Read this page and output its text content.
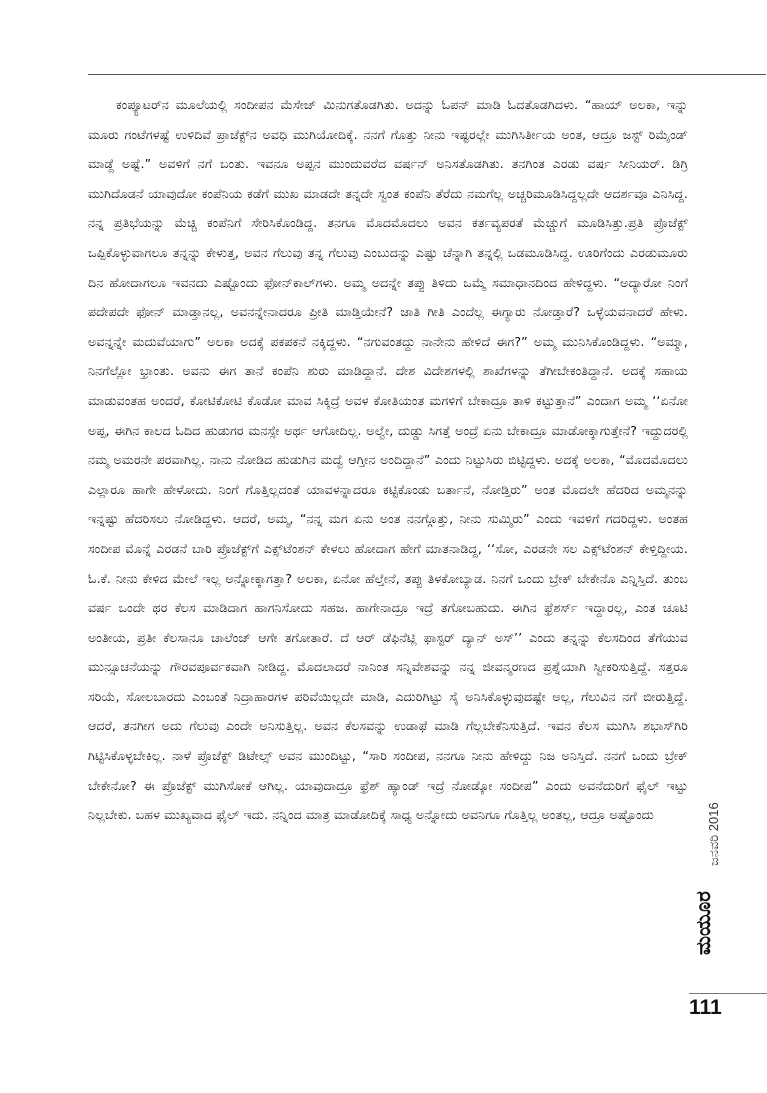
ಕಂಪ್ಯೂಟರ್‌ನ ಮೂಲೆಯಲ್ಲಿ ಸಂದೀಪನ ಮೆಸೇಜ್ ಮಿನುಗತೊಡಗಿತು. ಅದನ್ನು ಓಪನ್ ಮಾಡಿ ಓದತೊಡಗಿದಳು. “ಹಾಯ್ ಅಲಕಾ, ಇನ್ನು ಮೂರು ಗಂಟೆಗಳಷ್ಟೆ ಉಳಿದಿವೆ ಪ್ರಾಜೆಕ್ಟ್‌ನ ಅವಧಿ ಮುಗಿಯೋದಿಕ್ಕೆ. ನನಗೆ ಗೊತ್ತು ನೀನು ಇಷ್ಟರಲ್ಲೇ ಮುಗಿಸಿರ್ತೀಯ ಅಂತ, ಆದ್ರೂ ಜಸ್ಟ್ ರಿಮೈಂಡ್ ಮಾಡ್ದೆ ಅಷ್ಟೆ.” ಅವಳಿಗೆ ನಗೆ ಬಂತು. ಇವನೂ ಅಪ್ಪನ ಮುಂದುವರೆದ ವರ್ಷನ್ ಅನಿಸತೊಡಗಿತು. ತನಗಿಂತ ಎರಡು ವರ್ಷ ಸೀನಿಯರ್. ಡಿಗ್ರಿ ಮುಗಿದೊಡನೆ ಯಾವುದೋ ಕಂಪೆನಿಯ ಕಡೆಗೆ ಮುಖ ಮಾಡದೇ ತನ್ನದೇ ಸ್ವಂತ ಕಂಪೆನಿ ತೆರೆದು ನಮಗೆಲ್ಲ ಅಚ್ಚರಿಮೂಡಿಸಿದ್ದಲ್ಲದೇ ಆದರ್ಶವೂ ಎನಿಸಿದ್ದ. ನನ್ನ ಪ್ರತಿಭೆಯನ್ನು ಮೆಚ್ಚಿ ಕಂಪೆನಿಗೆ ಸೇರಿಸಿಕೊಂಡಿದ್ದ. ತನಗೂ ಮೊದಮೊದಲು ಅವನ ಕರ್ತವ್ಯಪರತೆ ಮೆಚ್ಚುಗೆ ಮೂಡಿಸಿತ್ತು.ಪ್ರತಿ ಪ್ರೊಜೆಕ್ಟ್ ಒಪ್ಪಿಕೊಳ್ಳುವಾಗಲೂ ತನ್ನನ್ನು ಕೇಳುತ್ತ, ಅವನ ಗೆಲುವು ತನ್ನ ಗೆಲುವು ಎಂಬುದನ್ನು ಎಷ್ಟು ಚೆನ್ನಾಗಿ ತನ್ನಲ್ಲಿ ಒಡಮೂಡಿಸಿದ್ದ. ಊರಿಗೆಂದು ಎರಡುಮೂರು ದಿನ ಹೋದಾಗಲೂ ಇವನದು ಎಷ್ಟೊಂದು ಫೋನ್‌ಕಾಲ್‌ಗಳು. ಅಮ್ಮ ಅದನ್ನೇ ತಪ್ಪು ತಿಳಿದು ಒಮ್ಮೆ ಸಮಾಧಾನದಿಂದ ಹೇಳಿದ್ದಳು. “ಅದ್ಯಾರೋ ನಿಂಗೆ ಪದೇಪದೇ ಫೋನ್ ಮಾಡ್ತಾನಲ್ಲ, ಅವನನ್ನೇನಾದರೂ ಪ್ರೀತಿ ಮಾಡ್ತಿಯೇನೆ? ಜಾತಿ ಗೀತಿ ಎಂದೆಲ್ಲ ಈಗ್ಯಾರು ನೋಡ್ತಾರೆ? ಒಳ್ಳೆಯವನಾದರೆ ಹೇಳು. ಅವನ್ನನ್ನೇ ಮದುವೆಯಾಗು” ಅಲಕಾ ಅದಕ್ಕೆ ಪಕಪಕನೆ ನಕ್ಕಿದ್ದಳು. “ನಗುವಂತದ್ದು ನಾನೇನು ಹೇಳಿದೆ ಈಗ?” ಅಮ್ಮ ಮುನಿಸಿಕೊಂಡಿದ್ದಳು. “ಅಮ್ಮಾ, ನಿನಗೆಲ್ಲೋ ಭ್ರಾಂತು. ಅವನು ಈಗ ತಾನೆ ಕಂಪೆನಿ ಶುರು ಮಾಡಿದ್ದಾನೆ. ದೇಶ ವಿದೇಶಗಳಲ್ಲಿ ಶಾಖೆಗಳನ್ನು ತೆಗೀಬೇಕಂತಿದ್ದಾನೆ. ಅದಕ್ಕೆ ಸಹಾಯ ಮಾಡುವಂತಹ ಅಂದರೆ, ಕೋಟಿಕೋಟಿ ಕೊಡೋ ಮಾವ ಸಿಕ್ಕಿದ್ರೆ ಅವಳ ಕೋತಿಯಂತ ಮಗಳಿಗೆ ಬೇಕಾದ್ರೂ ತಾಳಿ ಕಟ್ಟುತ್ತಾನೆ” ಎಂದಾಗ ಅಮ್ಮ ‘‘ಏನೋ ಅಪ್ಪ, ಈಗಿನ ಕಾಲದ ಓದಿದ ಹುಡುಗರ ಮನಸ್ಸೇ ಅರ್ಥ ಆಗೋದಿಲ್ಲ. ಅಲ್ವೇ, ದುಡ್ಡು ಸಿಗತ್ತೆ ಅಂದ್ರೆ ಏನು ಬೇಕಾದ್ರೂ ಮಾಡೋಕ್ಕಾಗುತ್ತೇನೆ? ಇದ್ದುದರಲ್ಲಿ ನಮ್ಮ ಅಮರನೇ ಪರವಾಗಿಲ್ಲ. ನಾನು ನೋಡಿದ ಹುಡುಗಿನ ಮದ್ವೆ ಆಗ್ತೀನ ಅಂದಿದ್ದಾನೆ” ಎಂದು ನಿಟ್ಟುಸಿರು ಬಿಟ್ಟಿದ್ದಳು. ಅದಕ್ಕೆ ಅಲಕಾ, “ಮೊದಮೊದಲು ಎಲ್ಲಾರೂ ಹಾಗೇ ಹೇಳೋದು. ನಿಂಗೆ ಗೊತ್ತಿಲ್ಲದಂತೆ ಯಾವಳನ್ನಾದರೂ ಕಟ್ಟಿಕೊಂಡು ಬರ್ತಾನೆ, ನೋಡ್ತಿರು” ಅಂತ ಮೊದಲೇ ಹೆದರಿದ ಅಮ್ಮನನ್ನು ಇನ್ನಷ್ಟು ಹೆದರಿಸಲು ನೋಡಿದ್ದಳು. ಆದರೆ, ಅಮ್ಮ, “ನನ್ನ ಮಗ ಏನು ಅಂತ ನನಗ್ಗೊತ್ತು, ನೀನು ಸುಮ್ಮಿರು” ಎಂದು ಇವಳಿಗೆ ಗದರಿದ್ದಳು. ಅಂತಹ ಸಂದೀಪ ಮೊನ್ನೆ ಎರಡನೆ ಬಾರಿ ಪ್ರೊಜೆಕ್ಟ್‌ಗೆ ಎಕ್ಸ್‌ಟೆಂಶನ್ ಕೇಳಲು ಹೋದಾಗ ಹೇಗೆ ಮಾತನಾಡಿದ್ದ, ‘‘ಸೋ, ಎರಡನೇ ಸಲ ಎಕ್ಸ್‌ಟೆಂಶನ್ ಕೇಳ್ತಿದ್ದೀಯ. ಓ.ಕೆ. ನೀನು ಕೇಳಿದ ಮೇಲೆ ಇಲ್ಲ ಅನ್ನೋಕ್ಕಾಗತ್ತಾ? ಅಲಕಾ, ಏನೋ ಹೆಲ್ತೇನೆ, ತಪ್ಪು ತಿಳಕೋಬ್ಯಾಡ. ನಿನಗೆ ಒಂದು ಬ್ರೇಕ್ ಬೇಕೇನೊ ಎನ್ನಿಸ್ತಿದೆ. ತುಂಬ ವರ್ಷ ಒಂದೇ ಥರ ಕೆಲಸ ಮಾಡಿದಾಗ ಹಾಗನಿಸೋದು ಸಹಜ. ಹಾಗೇನಾದ್ರೂ ಇದ್ರೆ ತಗೋಬಹುದು. ಈಗಿನ ಫ್ರೆಶರ್ಸ್ ಇದ್ದಾರಲ್ಲ, ಎಂತ ಚೂಟಿ ಅಂತೀಯ, ಪ್ರತೀ ಕೆಲಸಾನೂ ಚಾಲೆಂಜ್ ಆಗೇ ತಗೋತಾರೆ. ದೆ ಆರ್ ಡೆಫಿನೆಟ್ಲಿ ಫಾಸ್ಟರ್ ದ್ಯಾನ್ ಅಸ್’’ ಎಂದು ತನ್ನನ್ನು ಕೆಲಸದಿಂದ ತೆಗೆಯುವ ಮುನ್ಸೂಚನೆಯನ್ನು ಗೌರವಪೂರ್ವಕವಾಗಿ ನೀಡಿದ್ದ. ಮೊದಲಾದರೆ ನಾನಿಂತ ಸನ್ನಿವೇಶವನ್ನು ನನ್ನ ಜೀವನ್ಮರಣದ ಪ್ರಶ್ನೆಯಾಗಿ ಸ್ವೀಕರಿಸುತ್ತಿದ್ದೆ. ಸತ್ತರೂ ಸರಿಯೆ, ಸೋಲಬಾರದು ಎಂಬಂತೆ ನಿದ್ರಾಹಾರಗಳ ಪರಿವೆಯಿಲ್ಲದೇ ಮಾಡಿ, ಎದುರಿಗಿಟ್ಟು ಸೈ ಅನಿಸಿಕೊಳ್ಳುವುದಷ್ಟೇ ಅಲ್ಲ, ಗೆಲುವಿನ ನಗೆ ಬೀರುತ್ತಿದ್ದೆ. ಆದರೆ, ತನಗೀಗ ಅದು ಗೆಲುವು ಎಂದೇ ಅನಿಸುತ್ತಿಲ್ಲ. ಅವನ ಕೆಲಸವನ್ನು ಉಡಾಫೆ ಮಾಡಿ ಗೆಲ್ಲಬೇಕೆನಿಸುತ್ತಿದೆ. ಇವನ ಕೆಲಸ ಮುಗಿಸಿ ಶಭಾಸ್‌ಗಿರಿ ಗಿಟ್ಟಿಸಿಕೊಳ್ಳಬೇಕಿಲ್ಲ. ನಾಳೆ ಪ್ರೊಜೆಕ್ಟ್ ಡಿಟೇಲ್ಸ್ ಅವನ ಮುಂದಿಟ್ಟು, “ಸಾರಿ ಸಂದೀಪ, ನನಗೂ ನೀನು ಹೇಳಿದ್ದು ನಿಜ ಅನಿಸ್ತಿದೆ. ನನಗೆ ಒಂದು ಬ್ರೇಕ್ ಬೇಕೇನೋ? ಈ ಪ್ರೊಜೆಕ್ಟ್ ಮುಗಿಸೋಕೆ ಆಗಿಲ್ಲ. ಯಾವುದಾದ್ರೂ ಫ್ರೆಶ್ ಹ್ಯಾಂಡ್ ಇದ್ರೆ ನೋಡ್ಕೋ ಸಂದೀಪ” ಎಂದು ಅವನೆದುರಿಗೆ ಫೈಲ್ ಇಟ್ಟು ನಿಲ್ಲಬೇಕು. ಬಹಳ ಮುಖ್ಯವಾದ ಫೈಲ್ ಇದು. ನನ್ನಿಂದ ಮಾತ್ರ ಮಾಡೋದಿಕ್ಕೆ ಸಾಧ್ಯ ಅನ್ನೋದು ಅವನಿಗೂ ಗೊತ್ತಿಲ್ಲ ಅಂತಲ್ಲ, ಆದ್ರೂ ಅಷ್ಟೊಂದು	ಜನವರಿ 2016
ಮಯೂರ
111
